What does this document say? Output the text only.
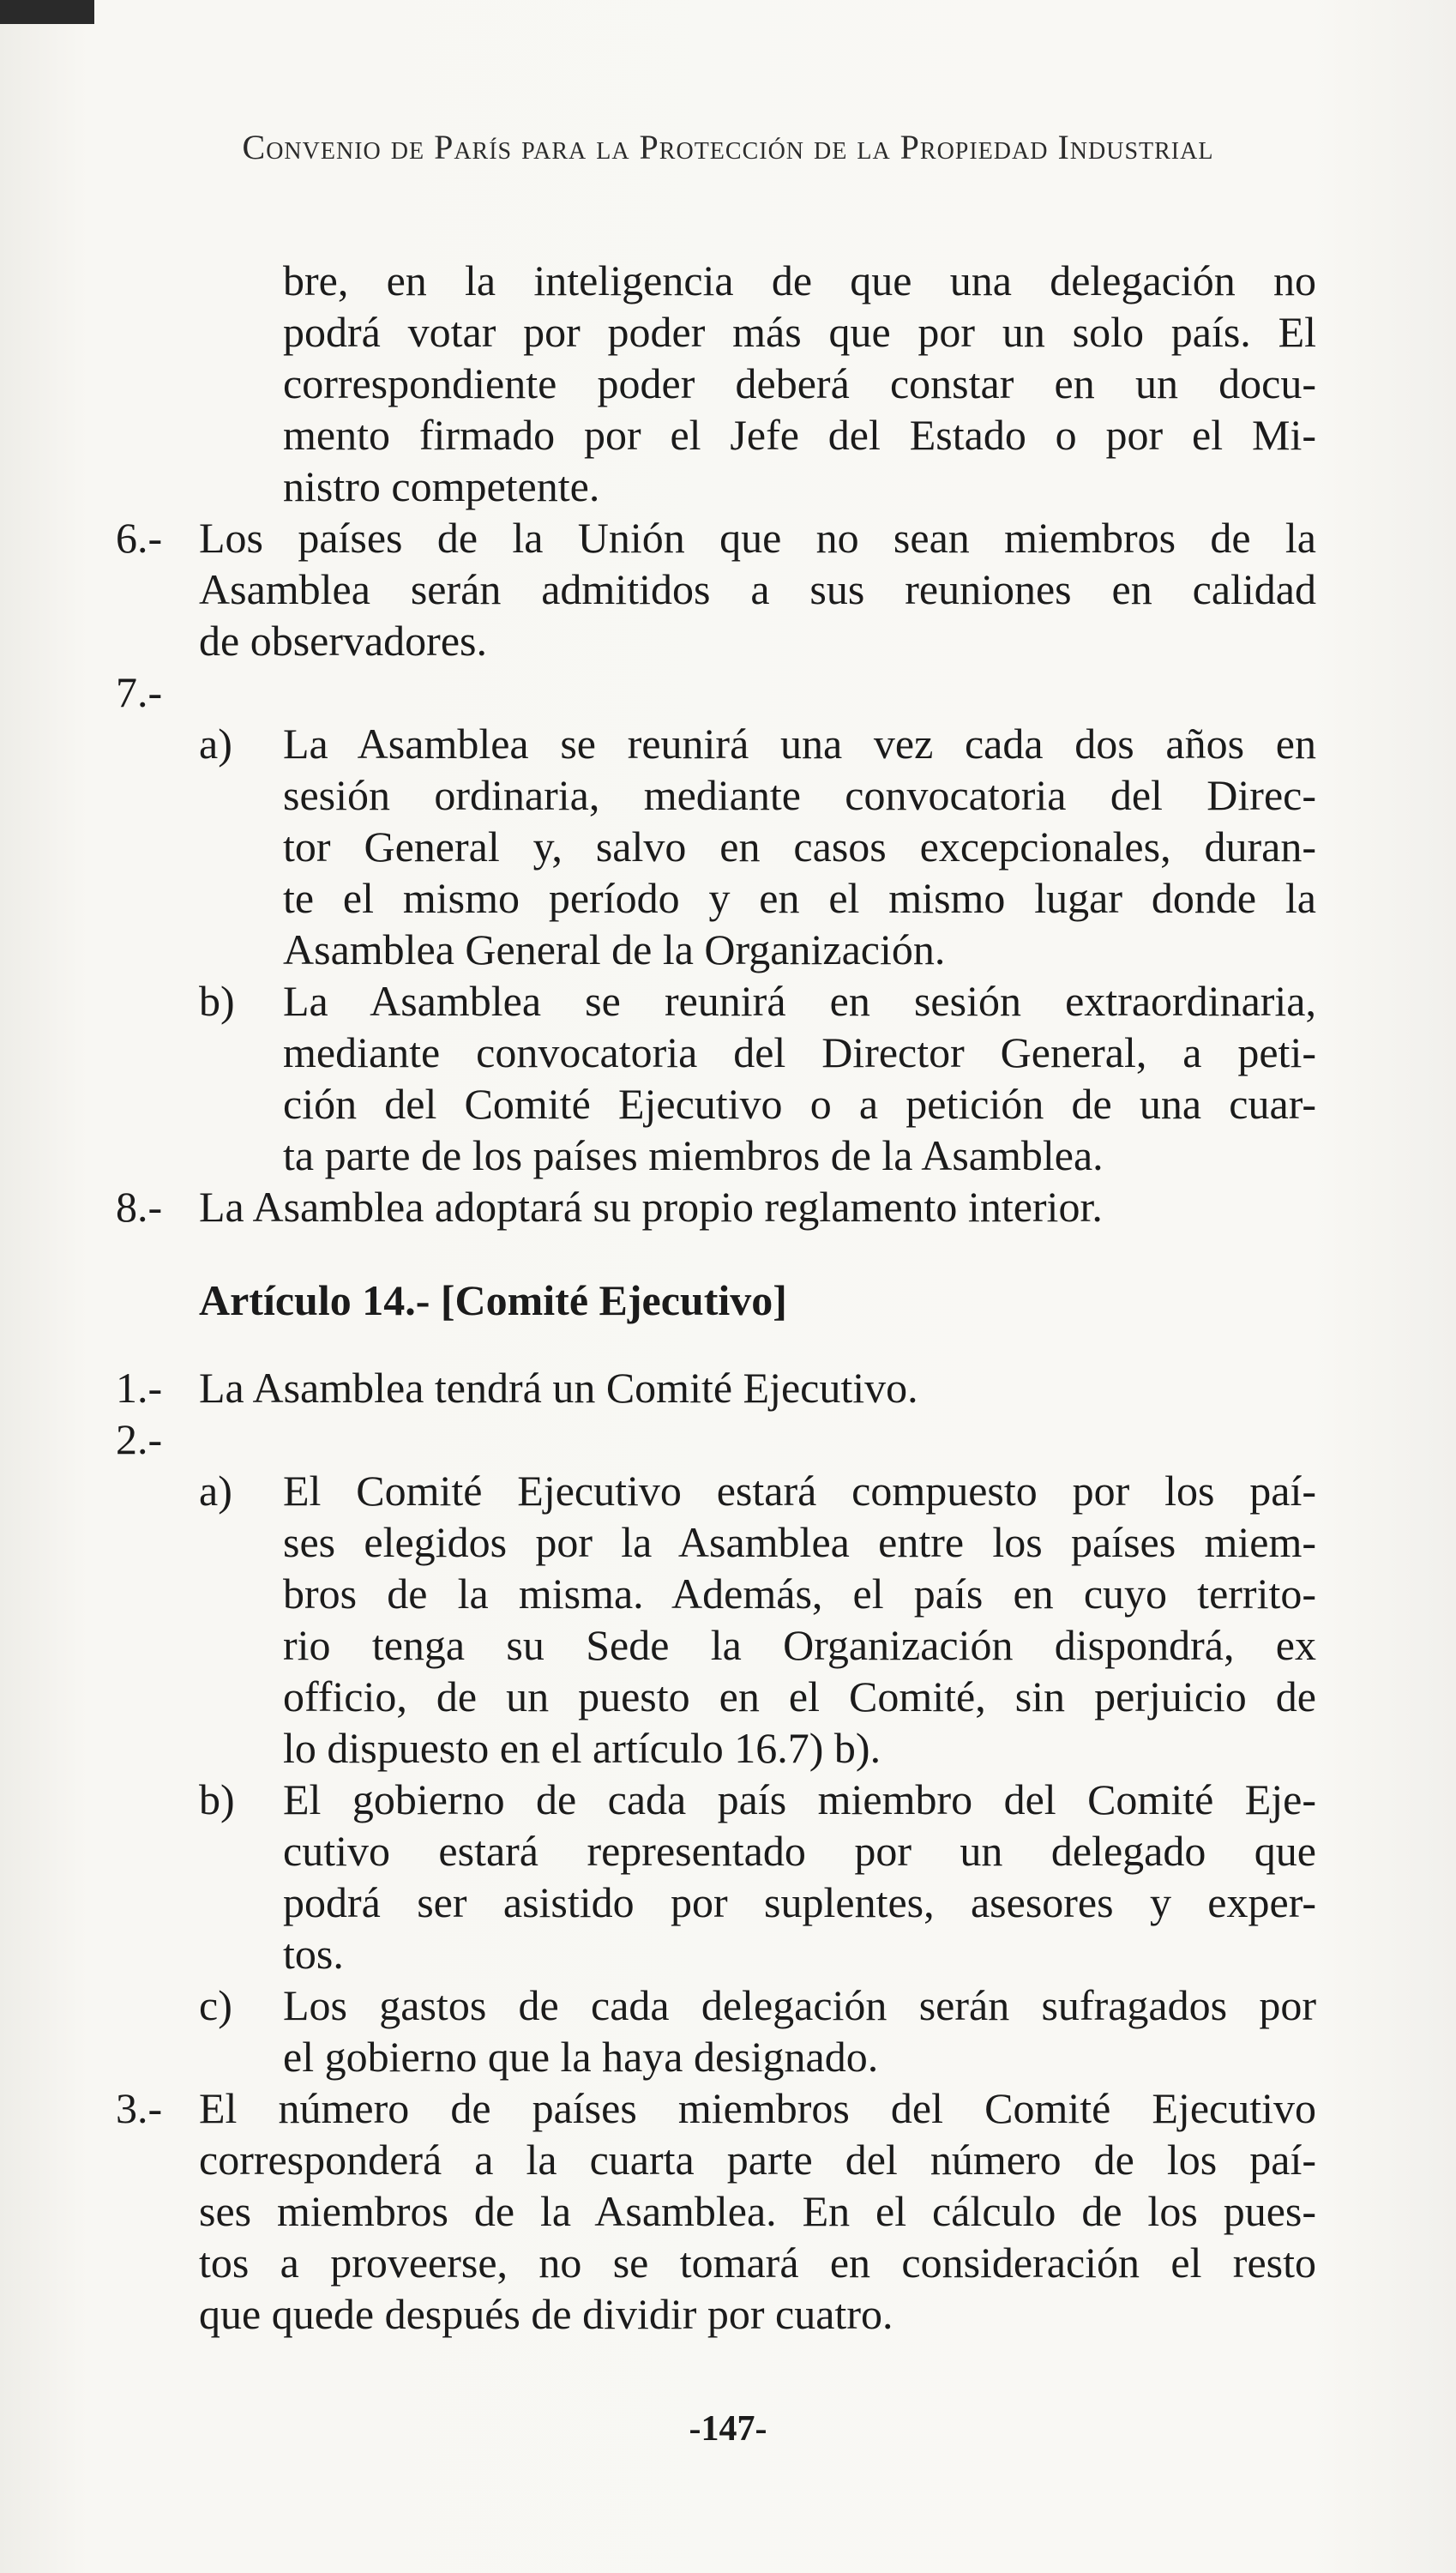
Convenio de París para la Protección de la Propiedad Industrial
bre, en la inteligencia de que una delegación no
podrá votar por poder más que por un solo país. El
correspondiente poder deberá constar en un docu-
mento firmado por el Jefe del Estado o por el Mi-
nistro competente.
6.- Los países de la Unión que no sean miembros de la
Asamblea serán admitidos a sus reuniones en calidad
de observadores.
7.-
a) La Asamblea se reunirá una vez cada dos años en
sesión ordinaria, mediante convocatoria del Direc-
tor General y, salvo en casos excepcionales, duran-
te el mismo período y en el mismo lugar donde la
Asamblea General de la Organización.
b) La Asamblea se reunirá en sesión extraordinaria,
mediante convocatoria del Director General, a peti-
ción del Comité Ejecutivo o a petición de una cuar-
ta parte de los países miembros de la Asamblea.
8.- La Asamblea adoptará su propio reglamento interior.
Artículo 14.- [Comité Ejecutivo]
1.- La Asamblea tendrá un Comité Ejecutivo.
2.-
a) El Comité Ejecutivo estará compuesto por los paí-
ses elegidos por la Asamblea entre los países miem-
bros de la misma. Además, el país en cuyo territo-
rio tenga su Sede la Organización dispondrá, ex
officio, de un puesto en el Comité, sin perjuicio de
lo dispuesto en el artículo 16.7) b).
b) El gobierno de cada país miembro del Comité Eje-
cutivo estará representado por un delegado que
podrá ser asistido por suplentes, asesores y exper-
tos.
c) Los gastos de cada delegación serán sufragados por
el gobierno que la haya designado.
3.- El número de países miembros del Comité Ejecutivo
corresponderá a la cuarta parte del número de los paí-
ses miembros de la Asamblea. En el cálculo de los pues-
tos a proveerse, no se tomará en consideración el resto
que quede después de dividir por cuatro.
-147-
